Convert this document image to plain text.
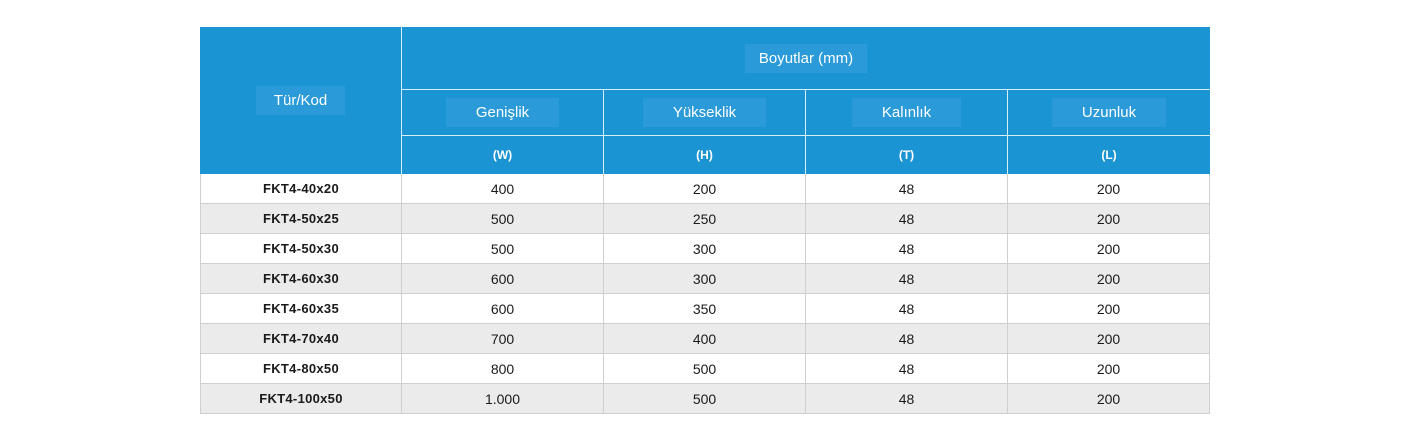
Tür/Kod
Boyutlar (mm)
Genişlik	Yükseklik	Kalınlık	Uzunluk
(W)	(H)	(T)	(L)
FKT4-40x20	400	200	48	200
FKT4-50x25	500	250	48	200
FKT4-50x30	500	300	48	200
FKT4-60x30	600	300	48	200
FKT4-60x35	600	350	48	200
FKT4-70x40	700	400	48	200
FKT4-80x50	800	500	48	200
FKT4-100x50	1.000	500	48	200
